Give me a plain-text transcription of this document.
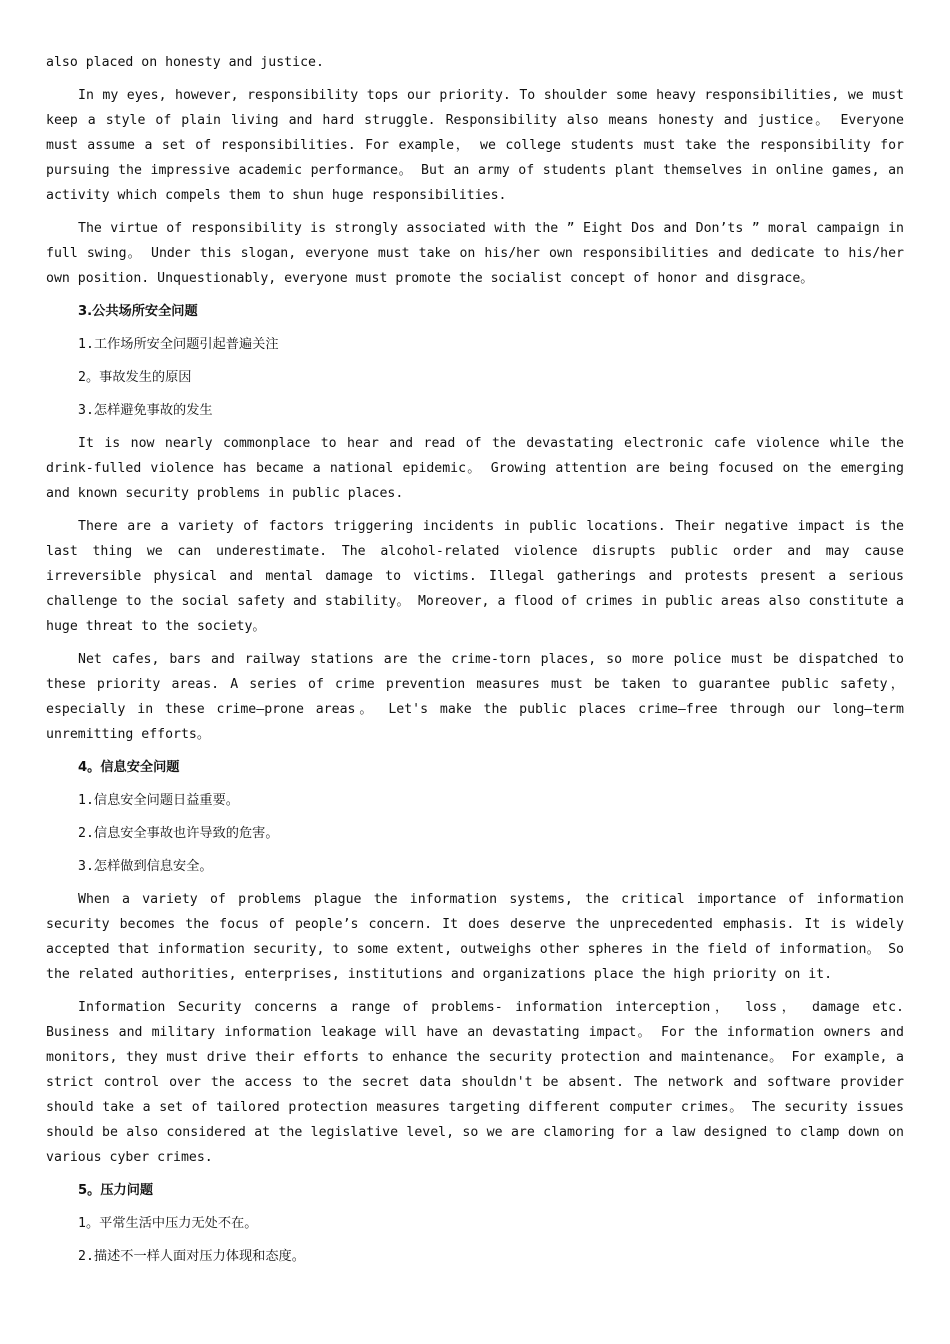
also placed on honesty and justice.

In my eyes, however, responsibility tops our priority. To shoulder some heavy responsibilities, we must keep a style of plain living and hard struggle. Responsibility also means honesty and justice。 Everyone must assume a set of responsibilities. For example， we college students must take the responsibility for pursuing the impressive academic performance。 But an army of students plant themselves in online games, an activity which compels them to shun huge responsibilities.

The virtue of responsibility is strongly associated with the ” Eight Dos and Don’ts ” moral campaign in full swing。 Under this slogan, everyone must take on his/her own responsibilities and dedicate to his/her own position. Unquestionably, everyone must promote the socialist concept of honor and disgrace。

3.公共场所安全问题
1.工作场所安全问题引起普遍关注
2。事故发生的原因
3.怎样避免事故的发生

It is now nearly commonplace to hear and read of the devastating electronic cafe violence while the drink-fulled violence has became a national epidemic。 Growing attention are being focused on the emerging and known security problems in public places.

There are a variety of factors triggering incidents in public locations. Their negative impact is the last thing we can underestimate. The alcohol-related violence disrupts public order and may cause irreversible physical and mental damage to victims. Illegal gatherings and protests present a serious challenge to the social safety and stability。 Moreover, a flood of crimes in public areas also constitute a huge threat to the society。

Net cafes, bars and railway stations are the crime-torn places, so more police must be dispatched to these priority areas. A series of crime prevention measures must be taken to guarantee public safety，especially in these crime—prone areas。 Let's make the public places crime—free through our long—term unremitting efforts。

4。信息安全问题
1.信息安全问题日益重要。
2.信息安全事故也许导致的危害。
3.怎样做到信息安全。

When a variety of problems plague the information systems, the critical importance of information security becomes the focus of people’s concern. It does deserve the unprecedented emphasis. It is widely accepted that information security, to some extent, outweighs other spheres in the field of information。 So the related authorities, enterprises, institutions and organizations place the high priority on it.

Information Security concerns a range of problems- information interception， loss， damage etc. Business and military information leakage will have an devastating impact。 For the information owners and monitors, they must drive their efforts to enhance the security protection and maintenance。 For example, a strict control over the access to the secret data shouldn't be absent. The network and software provider should take a set of tailored protection measures targeting different computer crimes。 The security issues should be also considered at the legislative level, so we are clamoring for a law designed to clamp down on various cyber crimes.

5。压力问题
1。平常生活中压力无处不在。
2.描述不一样人面对压力体现和态度。
